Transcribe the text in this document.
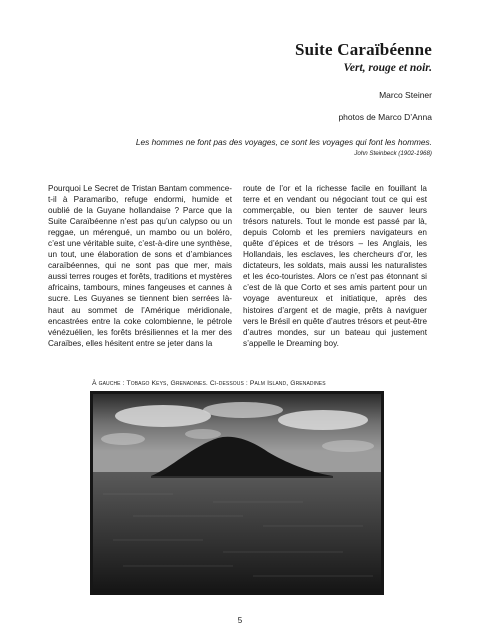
Suite Caraïbéenne
Vert, rouge et noir.
Marco Steiner
photos de Marco D’Anna
Les hommes ne font pas des voyages, ce sont les voyages qui font les hommes.
John Steinbeck (1902-1968)

Pourquoi Le Secret de Tristan Bantam commence-t-il à Paramaribo, refuge endormi, humide et oublié de la Guyane hollandaise ? Parce que la Suite Caraïbéenne n’est pas qu’un calypso ou un reggae, un mérengué, un mambo ou un boléro, c’est une véritable suite, c’est-à-dire une synthèse, un tout, une élaboration de sons et d’ambiances caraïbéennes, qui ne sont pas que mer, mais aussi terres rouges et forêts, traditions et mystères africains, tambours, mines fangeuses et cannes à sucre. Les Guyanes se tiennent bien serrées là-haut au sommet de l’Amérique méridionale, encastrées entre la coke colombienne, le pétrole vénézuélien, les forêts brésiliennes et la mer des Caraïbes, elles hésitent entre se jeter dans la

route de l’or et la richesse facile en fouillant la terre et en vendant ou négociant tout ce qui est commerçable, ou bien tenter de sauver leurs trésors naturels. Tout le monde est passé par là, depuis Colomb et les premiers navigateurs en quête d’épices et de trésors – les Anglais, les Hollandais, les esclaves, les chercheurs d’or, les dictateurs, les soldats, mais aussi les naturalistes et les éco-touristes. Alors ce n’est pas étonnant si c’est de là que Corto et ses amis partent pour un voyage aventureux et initiatique, après des histoires d’argent et de magie, prêts à naviguer vers le Brésil en quête d’autres trésors et peut-être d’autres mondes, sur un bateau qui justement s’appelle le Dreaming boy.

À gauche : Tobago Keys, Grenadines. Ci-dessous : Palm Island, Grenadines
5
